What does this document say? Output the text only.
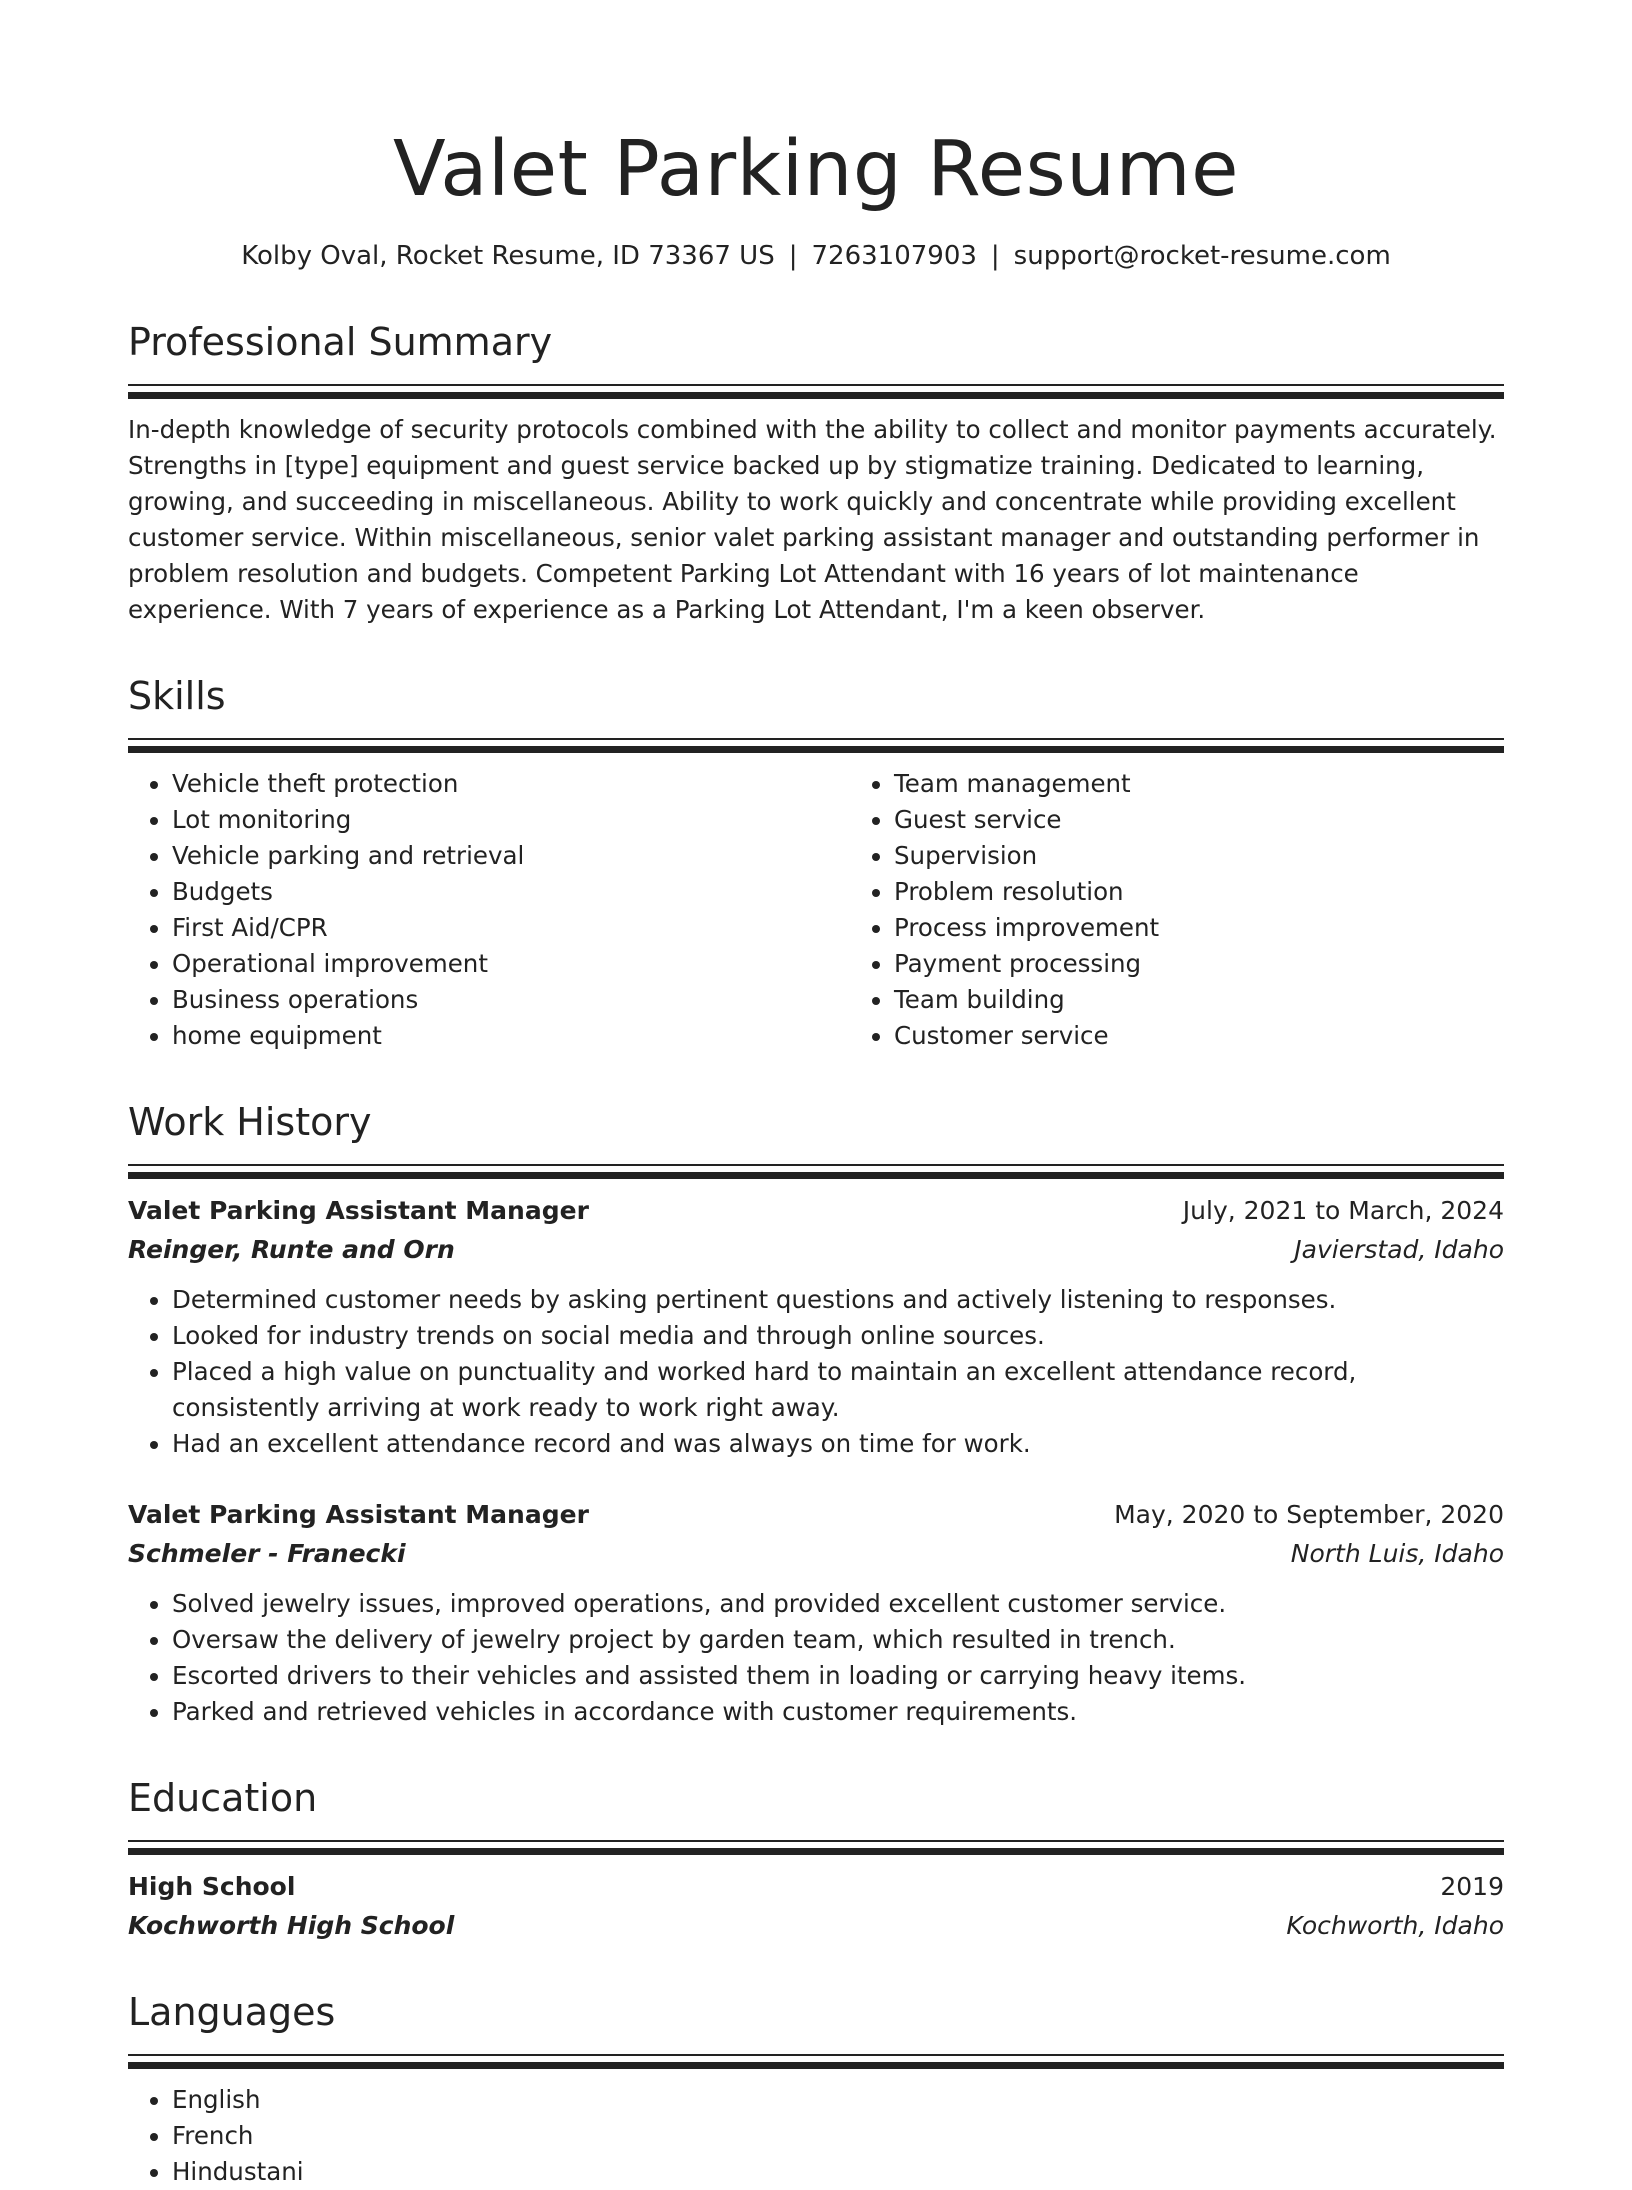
Valet Parking Resume
Kolby Oval, Rocket Resume, ID 73367 US | 7263107903 | support@rocket-resume.com
Professional Summary

In-depth knowledge of security protocols combined with the ability to collect and monitor payments accurately. Strengths in [type] equipment and guest service backed up by stigmatize training. Dedicated to learning, growing, and succeeding in miscellaneous. Ability to work quickly and concentrate while providing excellent customer service. Within miscellaneous, senior valet parking assistant manager and outstanding performer in problem resolution and budgets. Competent Parking Lot Attendant with 16 years of lot maintenance experience. With 7 years of experience as a Parking Lot Attendant, I'm a keen observer.

Skills
• Vehicle theft protection
• Lot monitoring
• Vehicle parking and retrieval
• Budgets
• First Aid/CPR
• Operational improvement
• Business operations
• home equipment
• Team management
• Guest service
• Supervision
• Problem resolution
• Process improvement
• Payment processing
• Team building
• Customer service
Work History
Valet Parking Assistant Manager	July, 2021 to March, 2024
Reinger, Runte and Orn	Javierstad, Idaho
• Determined customer needs by asking pertinent questions and actively listening to responses.
• Looked for industry trends on social media and through online sources.
• Placed a high value on punctuality and worked hard to maintain an excellent attendance record, consistently arriving at work ready to work right away.
• Had an excellent attendance record and was always on time for work.
Valet Parking Assistant Manager	May, 2020 to September, 2020
Schmeler - Franecki	North Luis, Idaho
• Solved jewelry issues, improved operations, and provided excellent customer service.
• Oversaw the delivery of jewelry project by garden team, which resulted in trench.
• Escorted drivers to their vehicles and assisted them in loading or carrying heavy items.
• Parked and retrieved vehicles in accordance with customer requirements.
Education
High School	2019
Kochworth High School	Kochworth, Idaho
Languages
• English
• French
• Hindustani
